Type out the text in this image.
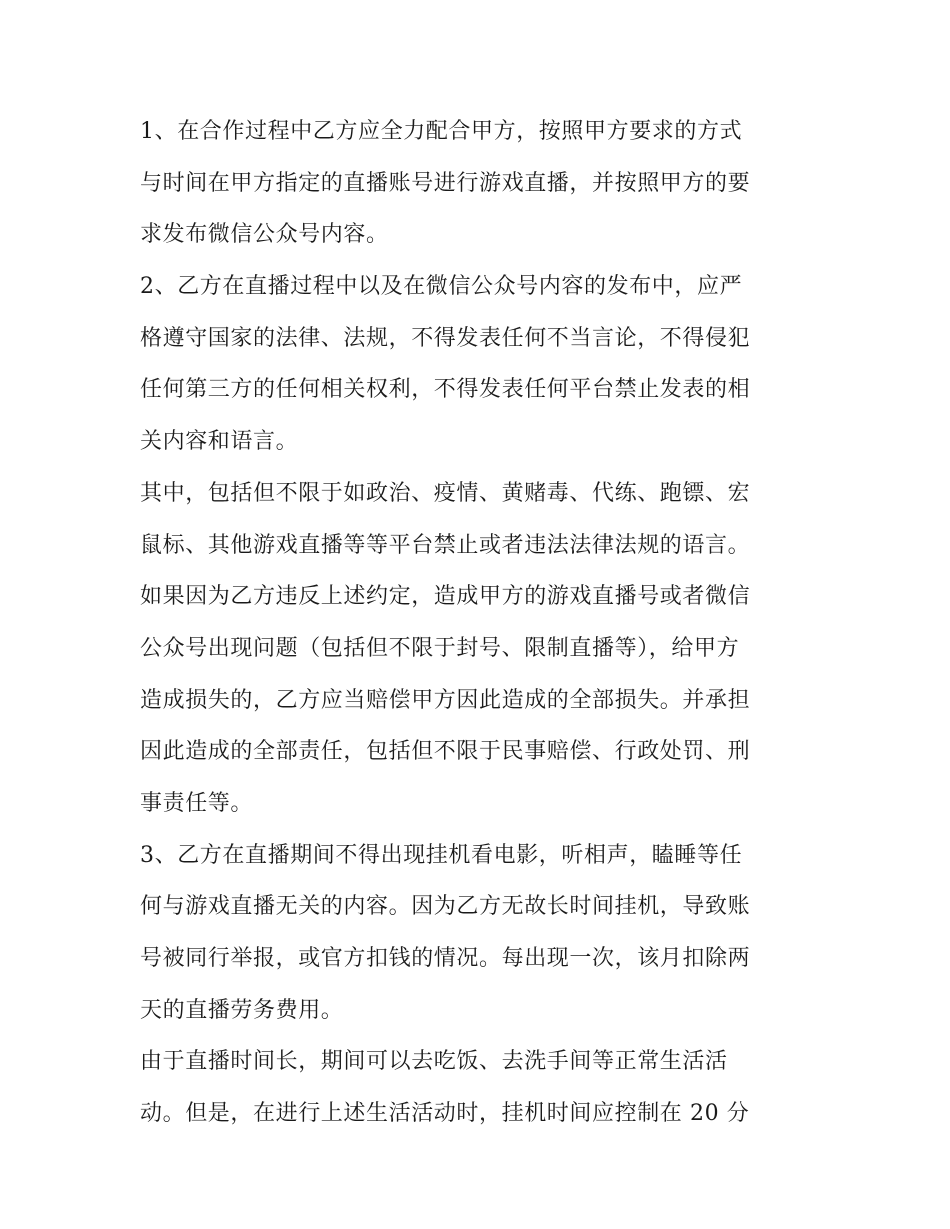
1、在合作过程中乙方应全力配合甲方，按照甲方要求的方式
与时间在甲方指定的直播账号进行游戏直播，并按照甲方的要
求发布微信公众号内容。
2、乙方在直播过程中以及在微信公众号内容的发布中，应严
格遵守国家的法律、法规，不得发表任何不当言论，不得侵犯
任何第三方的任何相关权利，不得发表任何平台禁止发表的相
关内容和语言。
其中，包括但不限于如政治、疫情、黄赌毒、代练、跑镖、宏
鼠标、其他游戏直播等等平台禁止或者违法法律法规的语言。
如果因为乙方违反上述约定，造成甲方的游戏直播号或者微信
公众号出现问题（包括但不限于封号、限制直播等），给甲方
造成损失的，乙方应当赔偿甲方因此造成的全部损失。并承担
因此造成的全部责任，包括但不限于民事赔偿、行政处罚、刑
事责任等。
3、乙方在直播期间不得出现挂机看电影，听相声，瞌睡等任
何与游戏直播无关的内容。因为乙方无故长时间挂机，导致账
号被同行举报，或官方扣钱的情况。每出现一次，该月扣除两
天的直播劳务费用。
由于直播时间长，期间可以去吃饭、去洗手间等正常生活活
动。但是，在进行上述生活活动时，挂机时间应控制在 20 分
